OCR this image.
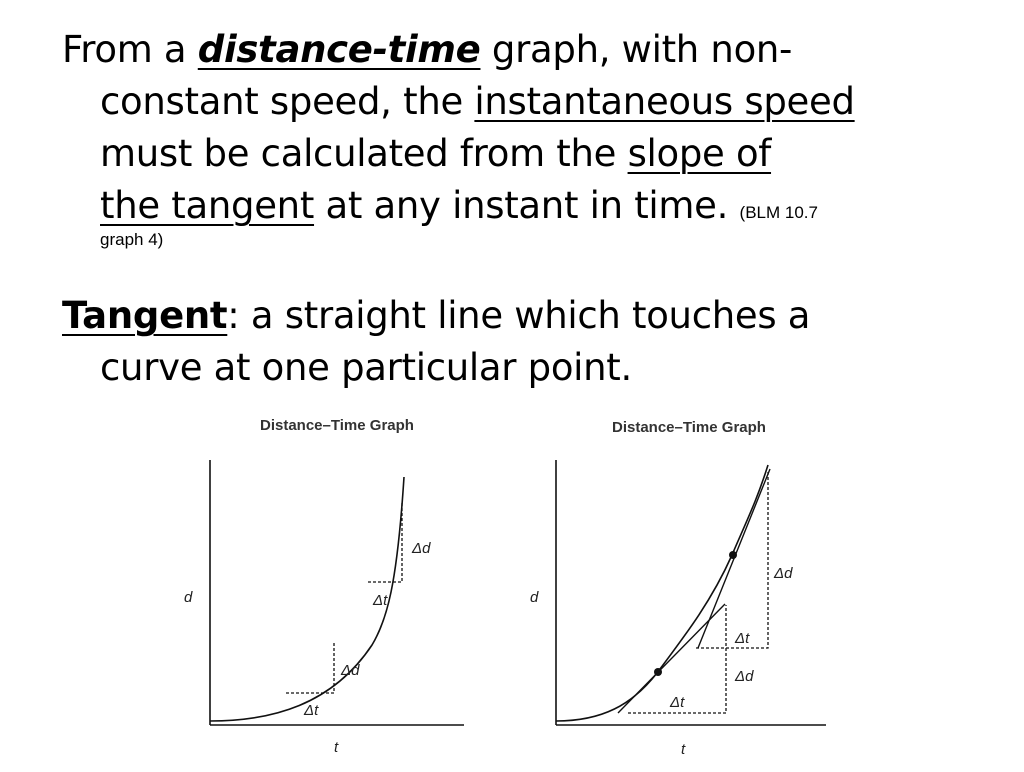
From a distance-time graph, with non-
constant speed, the instantaneous speed
must be calculated from the slope of
the tangent at any instant in time. (BLM 10.7
graph 4)
Tangent: a straight line which touches a
curve at one particular point.
Distance–Time Graph
Δd
Δt
Δd
Δt
d
t
Distance–Time Graph
Δd
Δt
Δd
Δt
d
t
